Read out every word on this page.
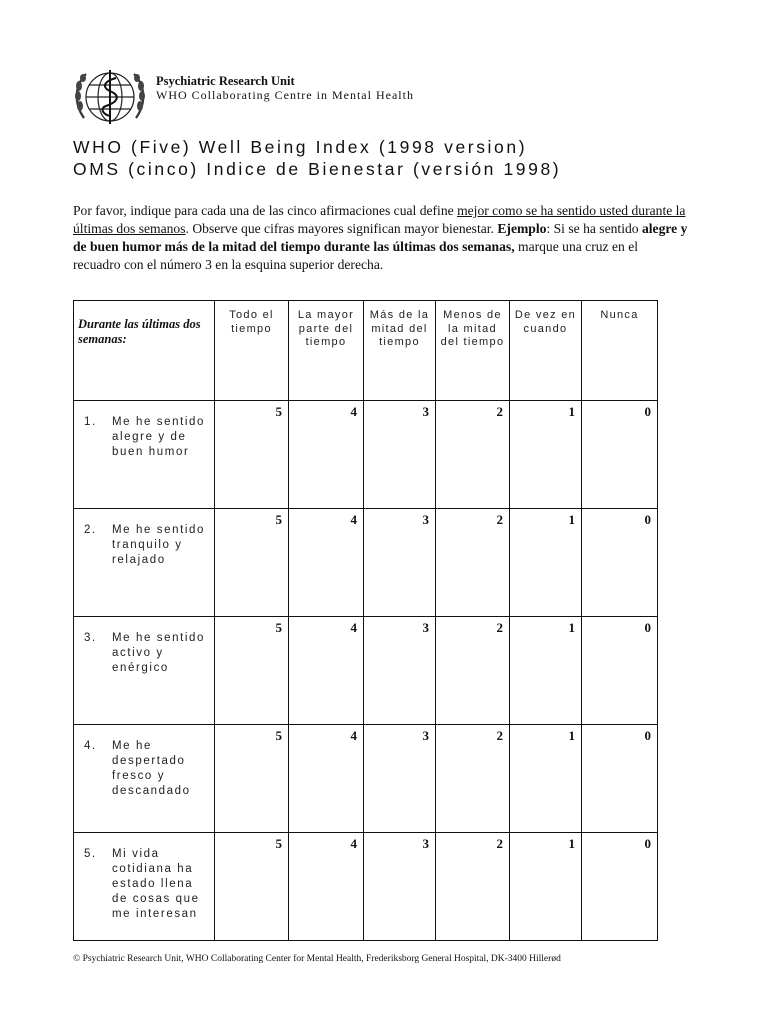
Psychiatric Research Unit
WHO Collaborating Centre in Mental Health
WHO (Five) Well Being Index (1998 version)
OMS (cinco) Indice de Bienestar (versión 1998)
Por favor, indique para cada una de las cinco afirmaciones cual define mejor como se ha sentido usted durante la últimas dos semanos. Observe que cifras mayores significan mayor bienestar. Ejemplo: Si se ha sentido alegre y de buen humor más de la mitad del tiempo durante las últimas dos semanas, marque una cruz en el recuadro con el número 3 en la esquina superior derecha.
Durante las últimas dos semanas:	Todo el tiempo	La mayor parte del tiempo	Más de la mitad del tiempo	Menos de la mitad del tiempo	De vez en cuando	Nunca

1. Me he sentido alegre y de buen humor	5	4	3	2	1	0

2. Me he sentido tranquilo y relajado	5	4	3	2	1	0

3. Me he sentido activo y enérgico	5	4	3	2	1	0

4. Me he despertado fresco y descandado	5	4	3	2	1	0

5. Mi vida cotidiana ha estado llena de cosas que me interesan	5	4	3	2	1	0
© Psychiatric Research Unit, WHO Collaborating Center for Mental Health, Frederiksborg General Hospital, DK-3400 Hillerød
